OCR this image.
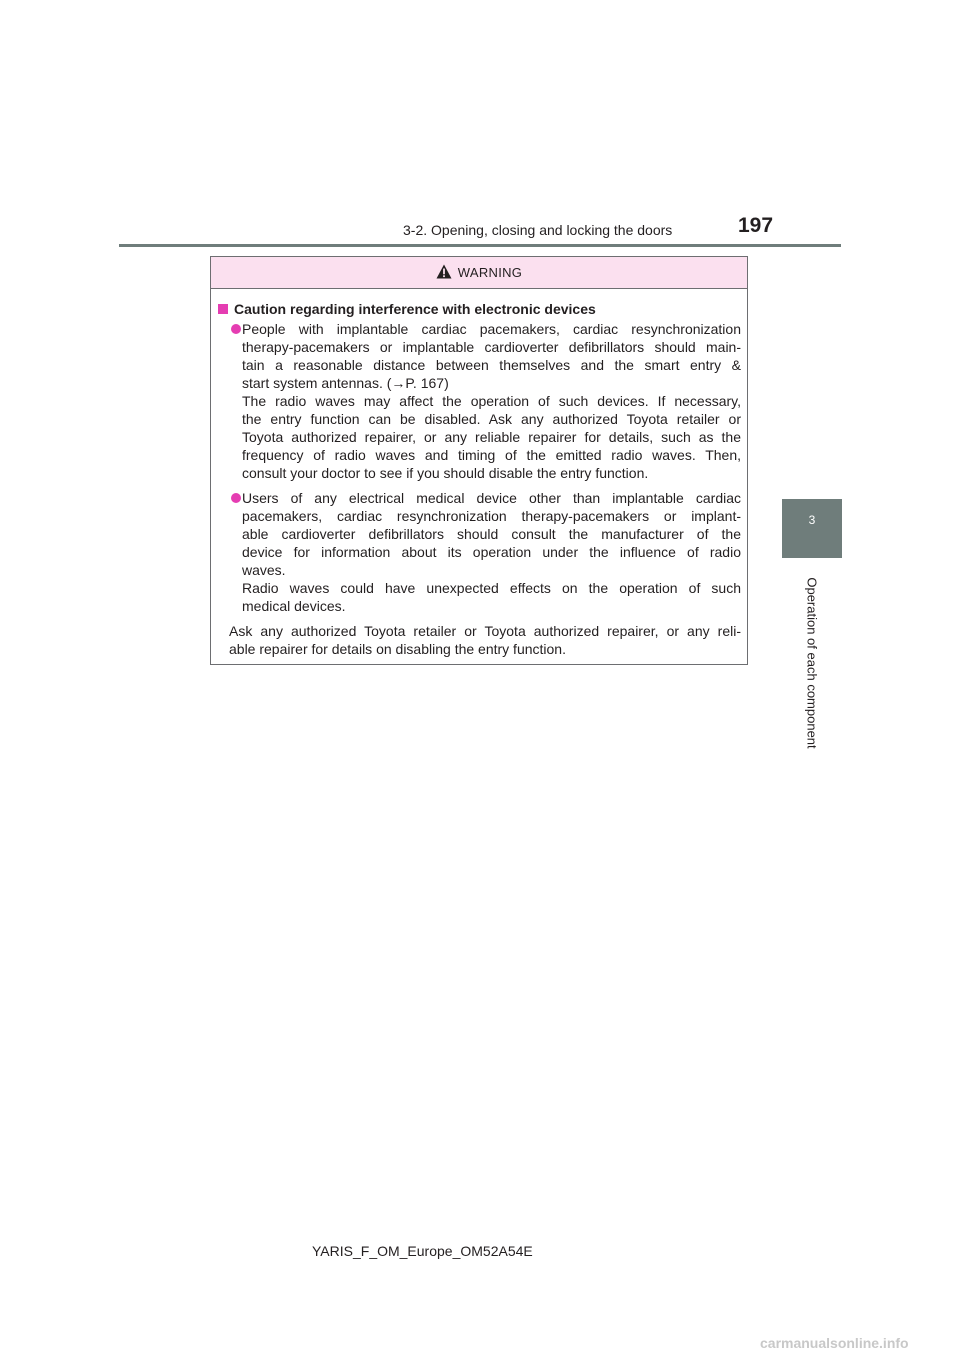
3-2. Opening, closing and locking the doors	197
3
Operation of each component
WARNING
Caution regarding interference with electronic devices
People with implantable cardiac pacemakers, cardiac resynchronization
therapy-pacemakers or implantable cardioverter defibrillators should main-
tain a reasonable distance between themselves and the smart entry &
start system antennas. (→P. 167)
The radio waves may affect the operation of such devices. If necessary,
the entry function can be disabled. Ask any authorized Toyota retailer or
Toyota authorized repairer, or any reliable repairer for details, such as the
frequency of radio waves and timing of the emitted radio waves. Then,
consult your doctor to see if you should disable the entry function.
Users of any electrical medical device other than implantable cardiac
pacemakers, cardiac resynchronization therapy-pacemakers or implant-
able cardioverter defibrillators should consult the manufacturer of the
device for information about its operation under the influence of radio
waves.
Radio waves could have unexpected effects on the operation of such
medical devices.
Ask any authorized Toyota retailer or Toyota authorized repairer, or any reli-
able repairer for details on disabling the entry function.
YARIS_F_OM_Europe_OM52A54E
carmanualsonline.info
